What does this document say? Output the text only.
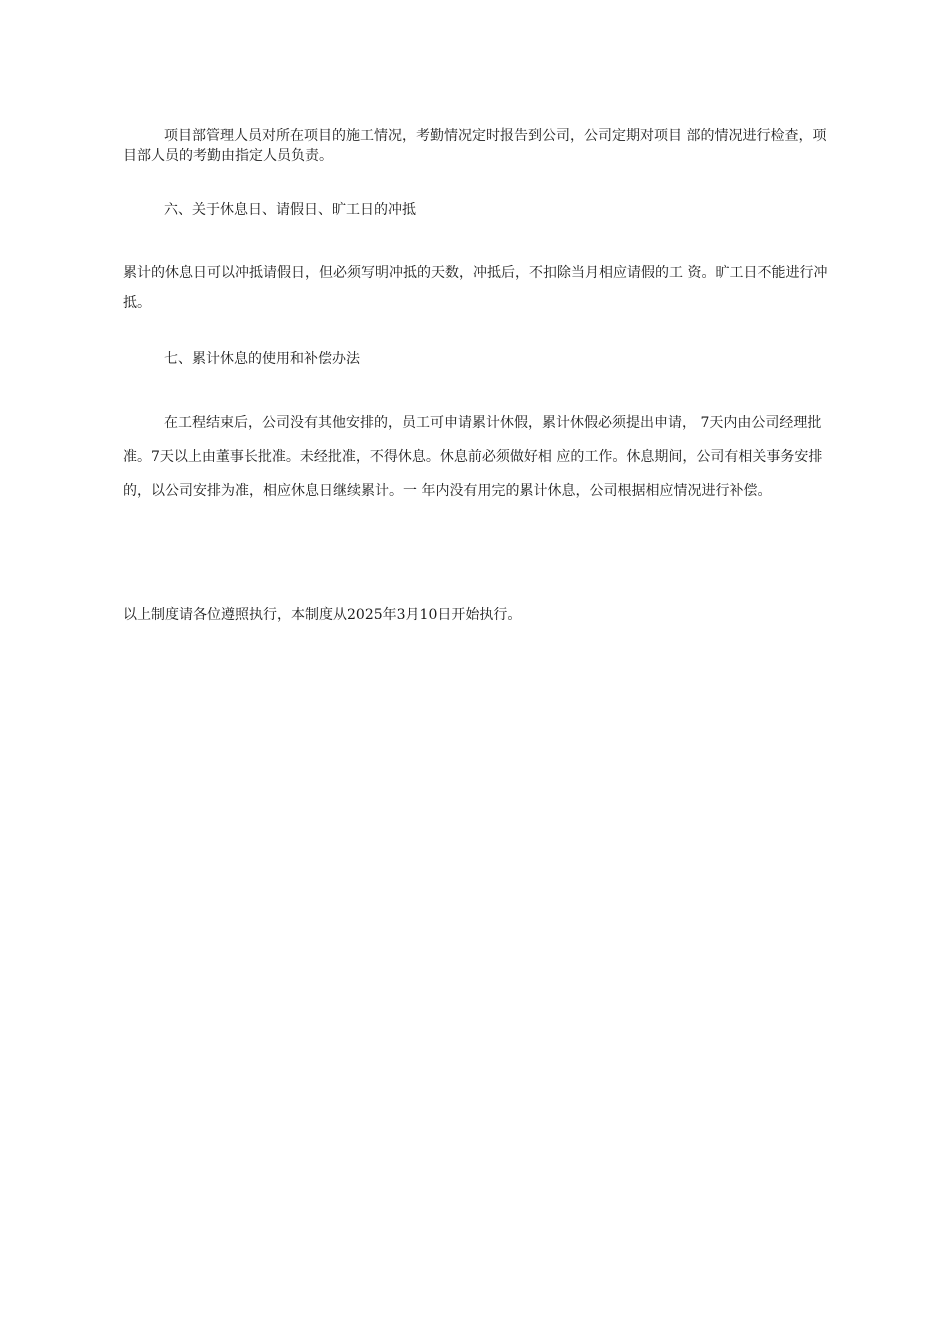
项目部管理人员对所在项目的施工情况，考勤情况定时报告到公司，公司定期对项目 部的情况进行检查，项目部人员的考勤由指定人员负责。

六、关于休息日、请假日、旷工日的冲抵

累计的休息日可以冲抵请假日，但必须写明冲抵的天数，冲抵后，不扣除当月相应请假的工 资。旷工日不能进行冲抵。

七、累计休息的使用和补偿办法

在工程结束后，公司没有其他安排的，员工可申请累计休假，累计休假必须提出申请， 7天内由公司经理批准。7天以上由董事长批准。未经批准，不得休息。休息前必须做好相 应的工作。休息期间，公司有相关事务安排的，以公司安排为准，相应休息日继续累计。一 年内没有用完的累计休息，公司根据相应情况进行补偿。

以上制度请各位遵照执行，本制度从2025年3月10日开始执行。
